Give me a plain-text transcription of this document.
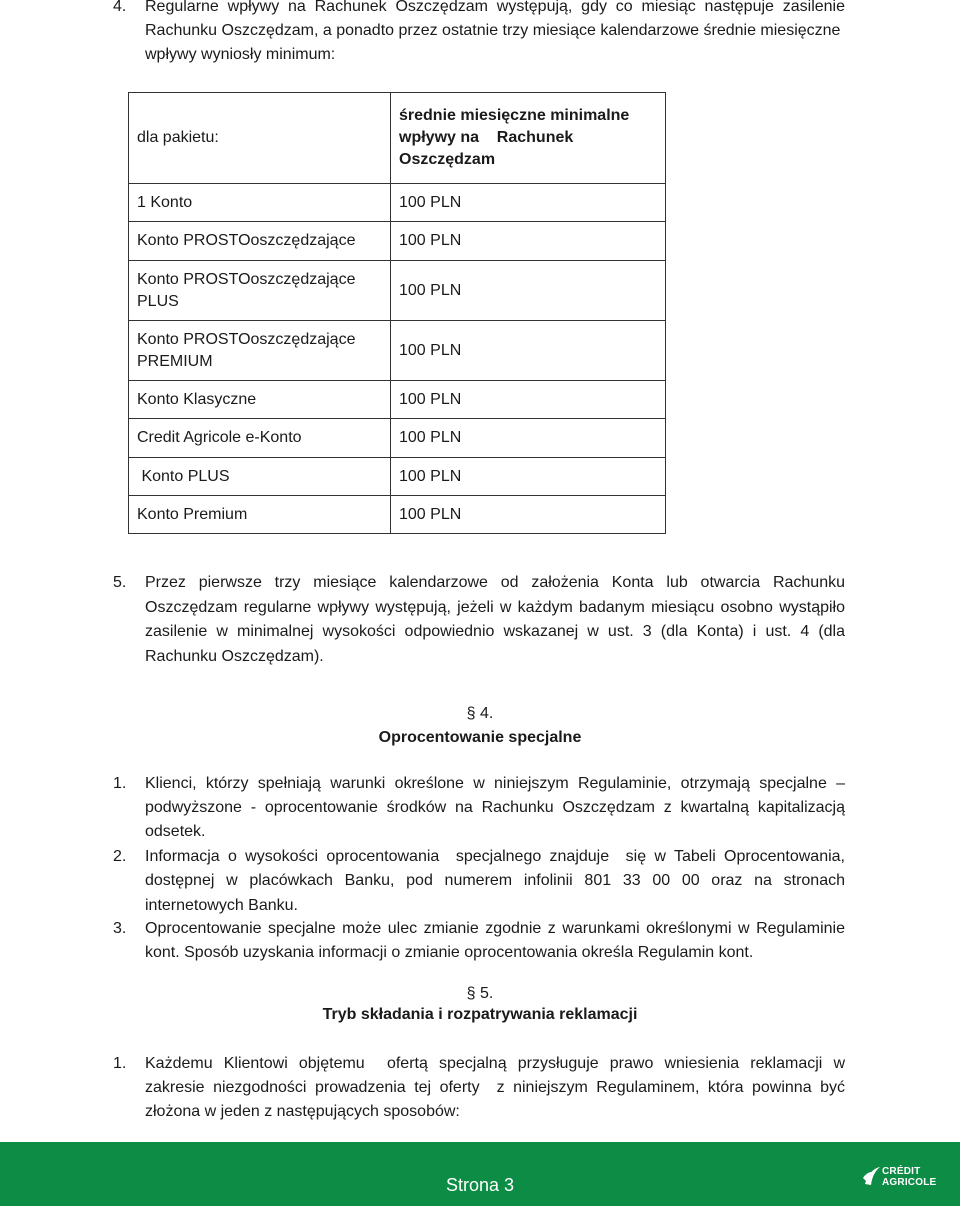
4. Regularne wpływy na Rachunek Oszczędzam występują, gdy co miesiąc następuje zasilenie
Rachunku Oszczędzam, a ponadto przez ostatnie trzy miesiące kalendarzowe średnie miesięczne
wpływy wyniosły minimum:
dla pakietu:	średnie miesięczne minimalne
wpływy na    Rachunek
Oszczędzam

1 Konto	100 PLN
Konto PROSTOoszczędzające	100 PLN

Konto PROSTOoszczędzające
PLUS	100 PLN

Konto PROSTOoszczędzające
PREMIUM	100 PLN
Konto Klasyczne	100 PLN
Credit Agricole e-Konto	100 PLN
Konto PLUS	100 PLN
Konto Premium	100 PLN
5. Przez pierwsze trzy miesiące kalendarzowe od założenia Konta lub otwarcia Rachunku
Oszczędzam regularne wpływy występują, jeżeli w każdym badanym miesiącu osobno wystąpiło
zasilenie w minimalnej wysokości odpowiednio wskazanej w ust. 3 (dla Konta) i ust. 4 (dla
Rachunku Oszczędzam).
§ 4.
Oprocentowanie specjalne
1. Klienci, którzy spełniają warunki określone w niniejszym Regulaminie, otrzymają specjalne –
podwyższone - oprocentowanie środków na Rachunku Oszczędzam z kwartalną kapitalizacją
odsetek.
2. Informacja o wysokości oprocentowania  specjalnego znajduje  się w Tabeli Oprocentowania,
dostępnej w placówkach Banku, pod numerem infolinii 801 33 00 00 oraz na stronach
internetowych Banku.
3. Oprocentowanie specjalne może ulec zmianie zgodnie z warunkami określonymi w Regulaminie
kont. Sposób uzyskania informacji o zmianie oprocentowania określa Regulamin kont.
§ 5.
Tryb składania i rozpatrywania reklamacji
1. Każdemu Klientowi objętemu  ofertą specjalną przysługuje prawo wniesienia reklamacji w
zakresie niezgodności prowadzenia tej oferty  z niniejszym Regulaminem, która powinna być
złożona w jeden z następujących sposobów:
Strona 3
CRÉDIT
AGRICOLE
